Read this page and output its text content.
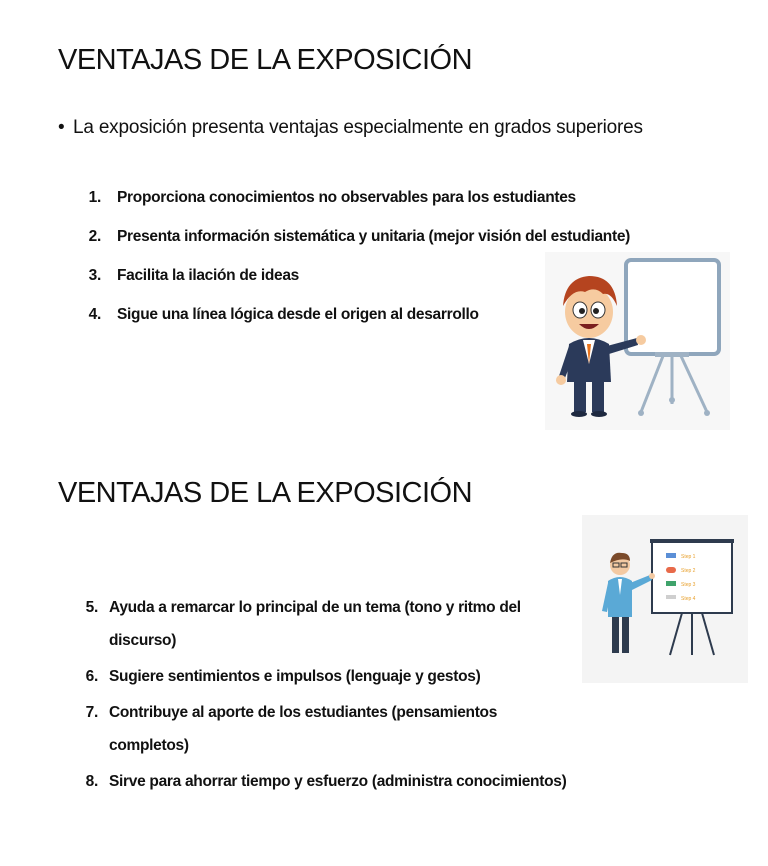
VENTAJAS DE LA EXPOSICIÓN
• La exposición presenta ventajas especialmente en grados superiores
1. Proporciona conocimientos no observables para los estudiantes
2. Presenta información sistemática y unitaria (mejor visión del estudiante)
3. Facilita la ilación de ideas
4. Sigue una línea lógica desde el origen al desarrollo
VENTAJAS DE LA EXPOSICIÓN
5. Ayuda a remarcar lo principal de un tema (tono y ritmo del discurso)
6. Sugiere sentimientos e impulsos (lenguaje y gestos)
7. Contribuye al aporte de los estudiantes (pensamientos completos)
8. Sirve para ahorrar tiempo y esfuerzo (administra conocimientos)
Step 1
Step 2
Step 3
Step 4
